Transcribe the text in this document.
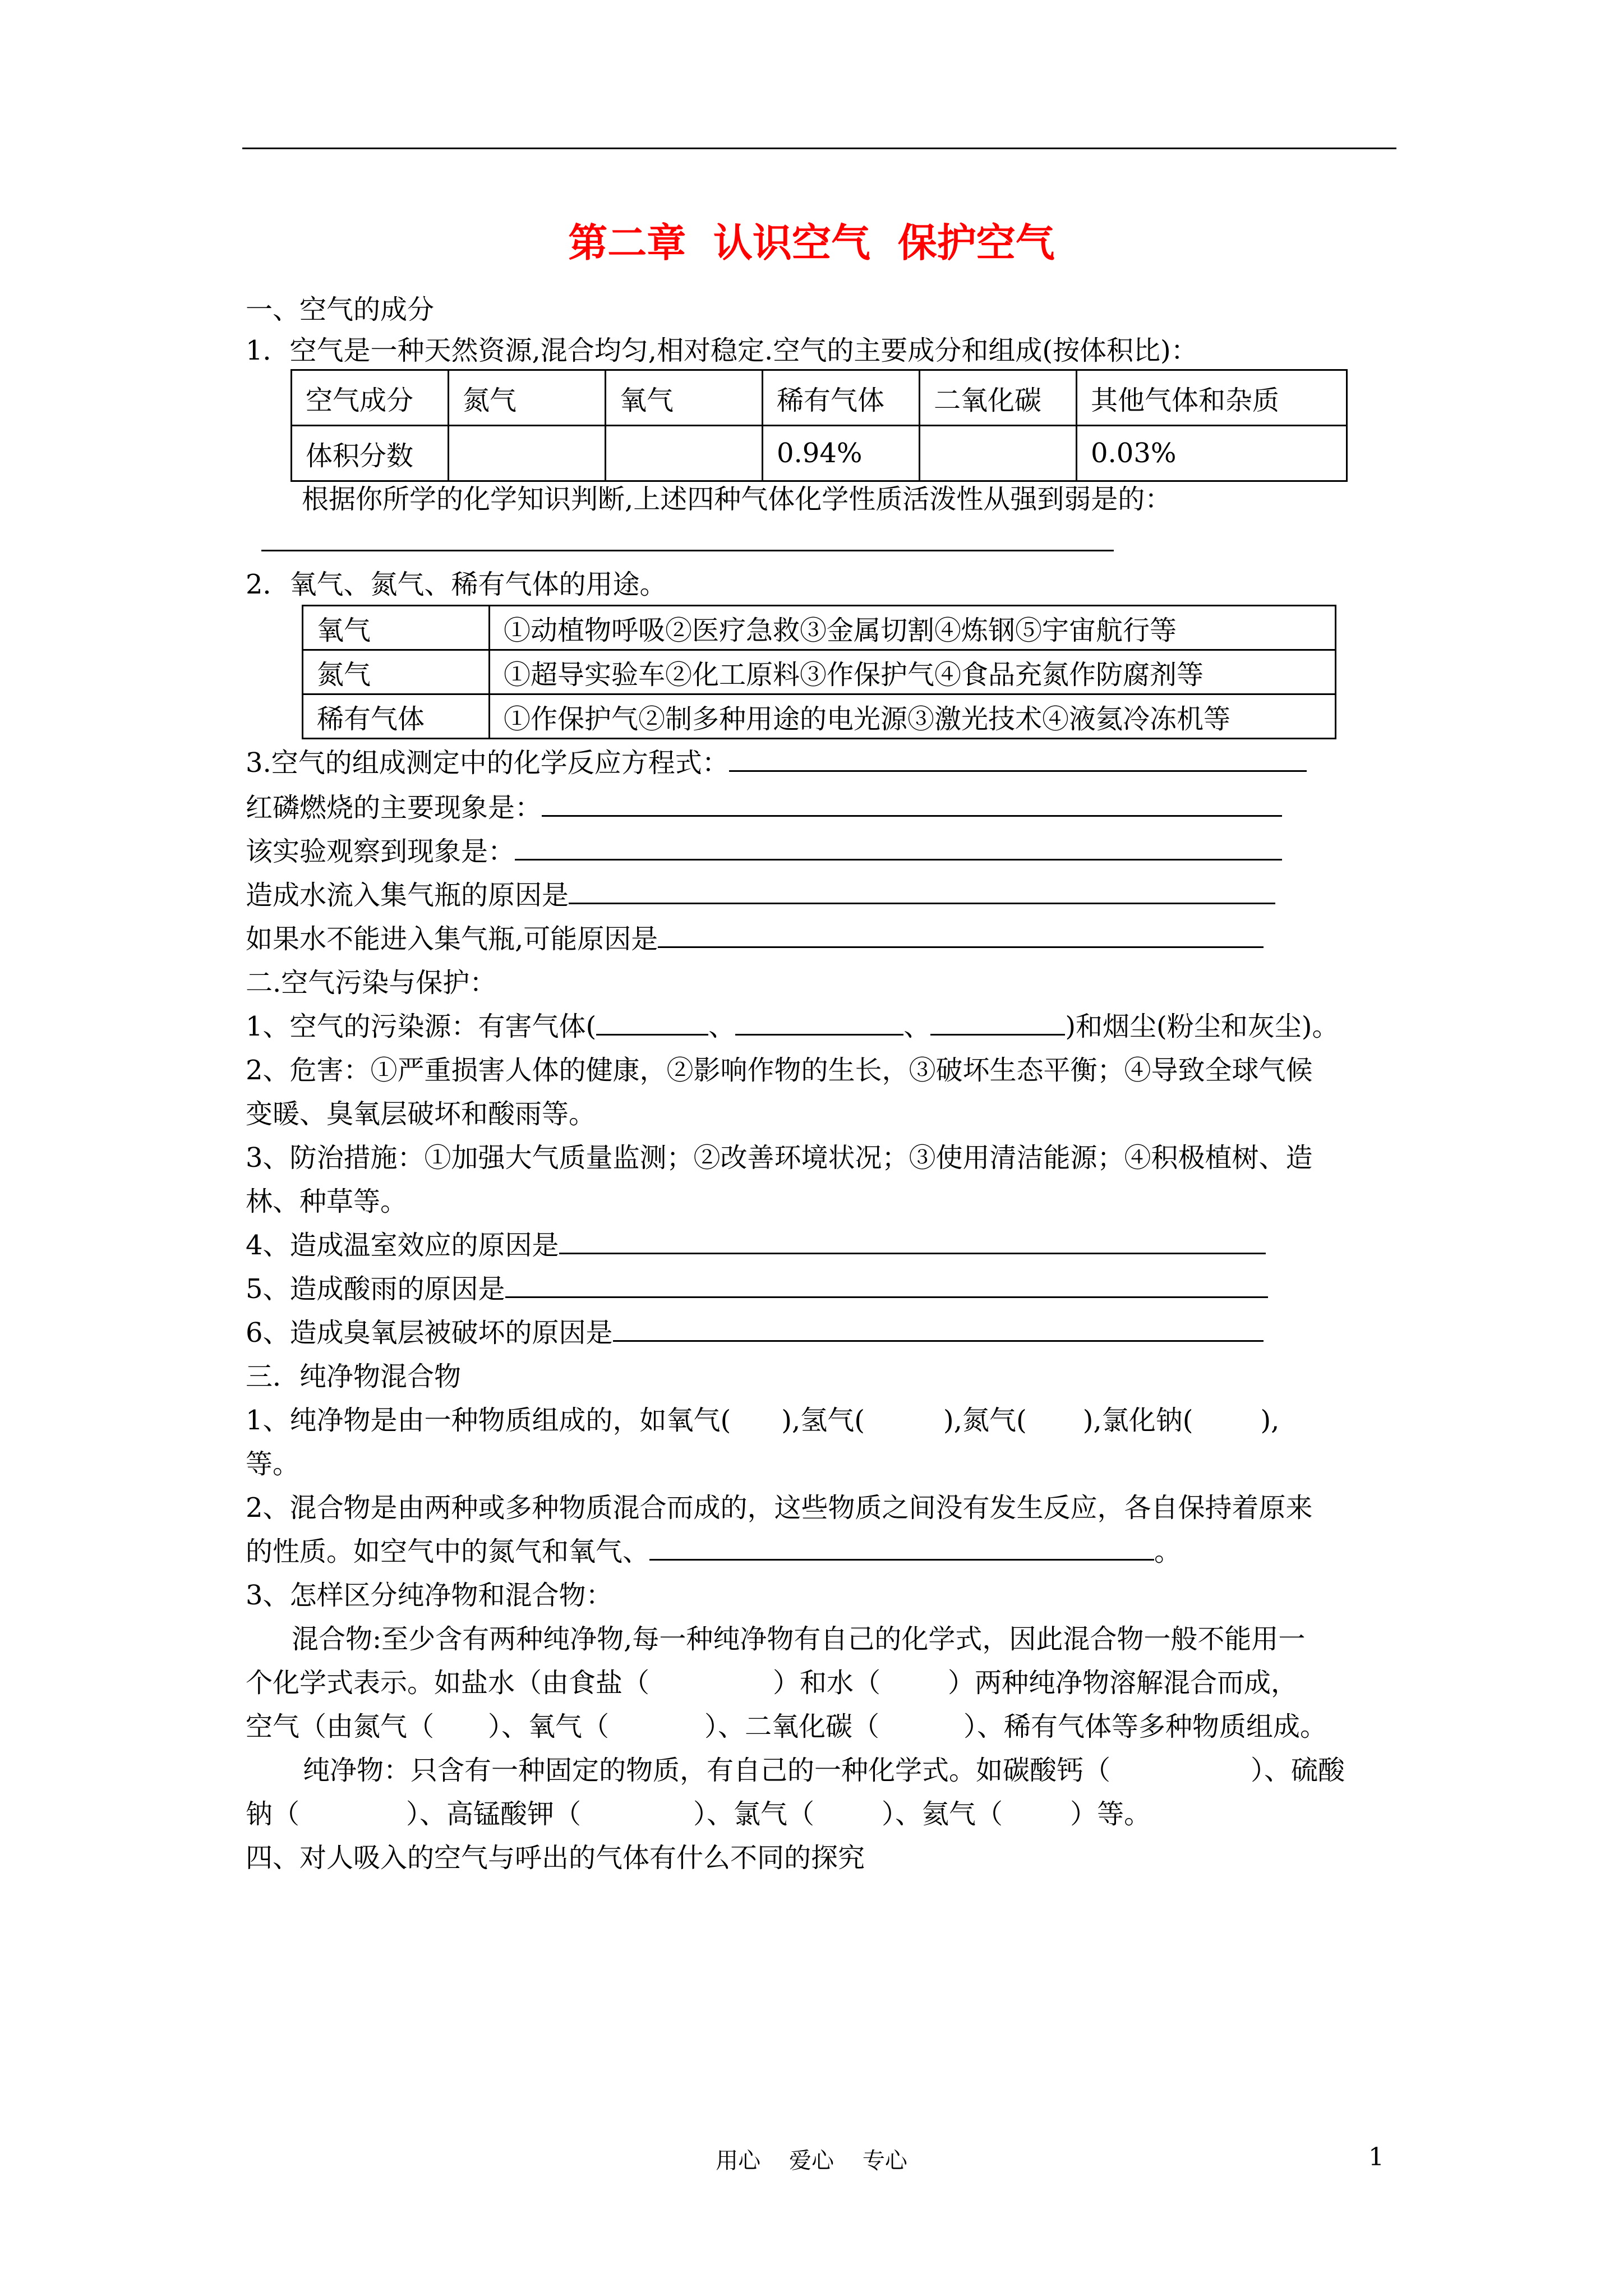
第二章  认识空气  保护空气
一、空气的成分
1．空气是一种天然资源,混合均匀,相对稳定.空气的主要成分和组成(按体积比)：
空气成分	氮气	氧气	稀有气体	二氧化碳	其他气体和杂质
体积分数			0.94%		0.03%
根据你所学的化学知识判断,上述四种气体化学性质活泼性从强到弱是的：
2．氧气、氮气、稀有气体的用途。
氧气	①动植物呼吸②医疗急救③金属切割④炼钢⑤宇宙航行等
氮气	①超导实验车②化工原料③作保护气④食品充氮作防腐剂等
稀有气体	①作保护气②制多种用途的电光源③激光技术④液氦冷冻机等
3.空气的组成测定中的化学反应方程式：
红磷燃烧的主要现象是：
该实验观察到现象是：
造成水流入集气瓶的原因是
如果水不能进入集气瓶,可能原因是
二.空气污染与保护：
1、空气的污染源：有害气体(	、	、	)和烟尘(粉尘和灰尘)。
2、危害：①严重损害人体的健康，②影响作物的生长，③破坏生态平衡；④导致全球气候
变暖、臭氧层破坏和酸雨等。
3、防治措施：①加强大气质量监测；②改善环境状况；③使用清洁能源；④积极植树、造
林、种草等。
4、造成温室效应的原因是
5、造成酸雨的原因是
6、造成臭氧层被破坏的原因是
三．纯净物混合物
1、纯净物是由一种物质组成的，如氧气( ),氢气(	),氮气( ),氯化钠(	),
等。
2、混合物是由两种或多种物质混合而成的，这些物质之间没有发生反应，各自保持着原来
的性质。如空气中的氮气和氧气、	。
3、怎样区分纯净物和混合物：
混合物:至少含有两种纯净物,每一种纯净物有自己的化学式，因此混合物一般不能用一
个化学式表示。如盐水（由食盐（	）和水（	）两种纯净物溶解混合而成，
空气（由氮气（ ）、氧气（	）、二氧化碳（	）、稀有气体等多种物质组成。
纯净物：只含有一种固定的物质，有自己的一种化学式。如碳酸钙（	）、硫酸
钠（	）、高锰酸钾（	）、氯气（	）、氦气（	）等。
四、对人吸入的空气与呼出的气体有什么不同的探究
用心    爱心    专心	1
